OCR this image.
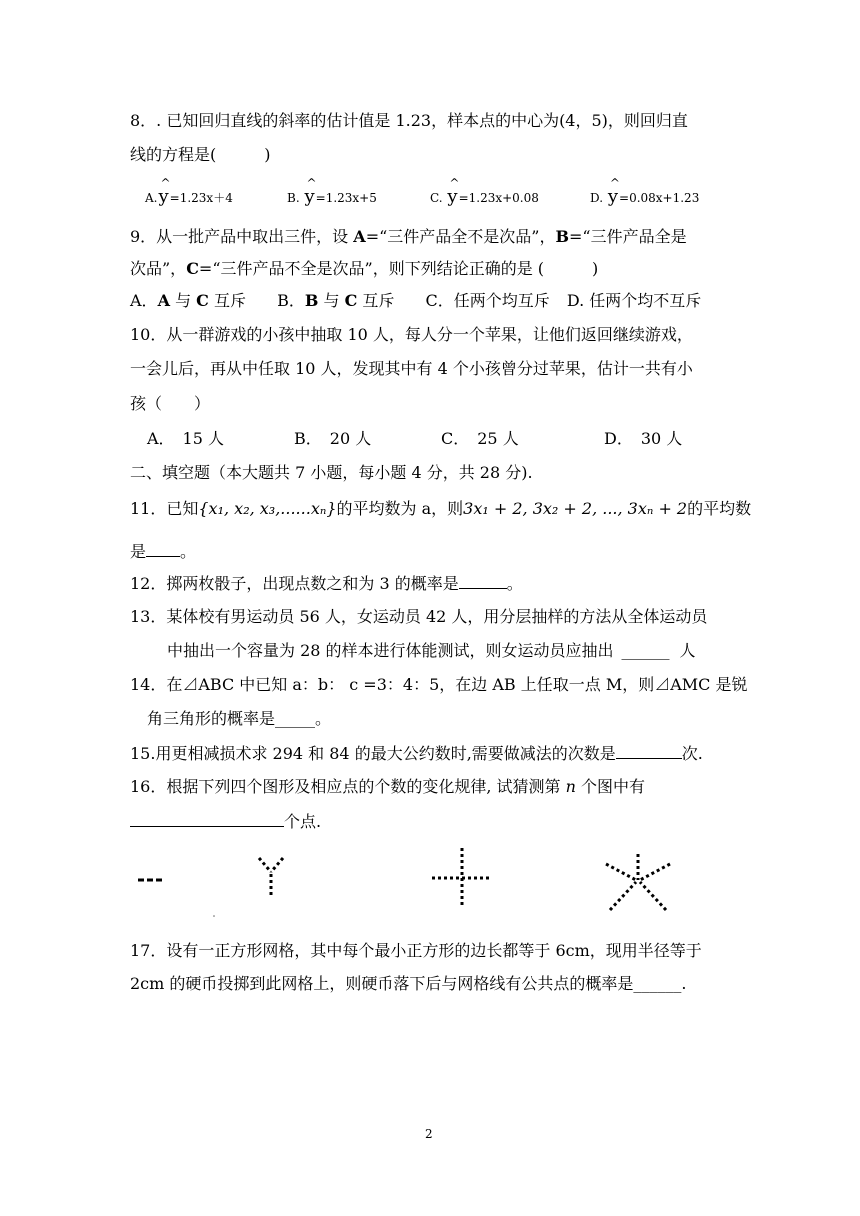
8．. 已知回归直线的斜率的估计值是 1.23，样本点的中心为(4，5)，则回归直
线的方程是(　　　)
A.
^
y=1.23x＋4	B.
^
y=1.23x+5	C.
^
y=1.23x+0.08	D.
^
y=0.08x+1.23
9．从一批产品中取出三件，设 A=“三件产品全不是次品”，B=“三件产品全是
次品”，C=“三件产品不全是次品”，则下列结论正确的是 (　　　)
A．A 与 C 互斥 B．B 与 C 互斥 C．任两个均互斥 D. 任两个均不互斥
10．从一群游戏的小孩中抽取 10 人，每人分一个苹果，让他们返回继续游戏，
一会儿后，再从中任取 10 人，发现其中有 4 个小孩曾分过苹果，估计一共有小
孩（　　）
A．　15 人	B．　20 人	C．　25 人	D．　30 人
二、填空题（本大题共 7 小题，每小题 4 分，共 28 分).
11．已知{x₁, x₂, x₃,......xₙ}的平均数为 a，则3x₁ + 2, 3x₂ + 2, ..., 3xₙ + 2的平均数
是 。
12．掷两枚骰子，出现点数之和为 3 的概率是	。
13．某体校有男运动员 56 人，女运动员 42 人，用分层抽样的方法从全体运动员
中抽出一个容量为 28 的样本进行体能测试，则女运动员应抽出 ______ 人
14．在⊿ABC 中已知 a：b： c =3：4：5，在边 AB 上任取一点 M，则⊿AMC 是锐
角三角形的概率是_____。
15.用更相减损术求 294 和 84 的最大公约数时,需要做减法的次数是	次.
16．根据下列四个图形及相应点的个数的变化规律, 试猜测第 n 个图中有
个点.
17．设有一正方形网格，其中每个最小正方形的边长都等于 6cm，现用半径等于
2cm 的硬币投掷到此网格上，则硬币落下后与网格线有公共点的概率是______.
2
